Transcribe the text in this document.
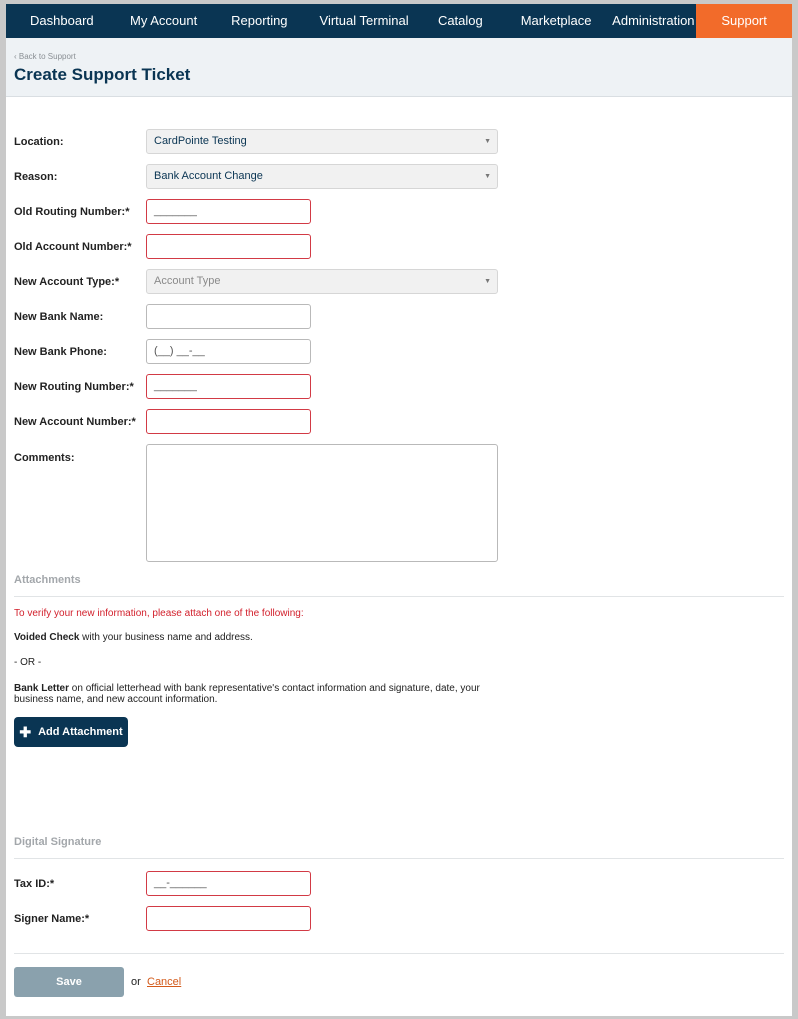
Dashboard	My Account	Reporting	Virtual Terminal	Catalog	Marketplace	Administration	Support
‹ Back to Support
Create Support Ticket
Location:	CardPointe Testing	▼
Reason:	Bank Account Change	▼
Old Routing Number:*	_______
Old Account Number:*
New Account Type:*	Account Type	▼
New Bank Name:
New Bank Phone:	(__) __-__
New Routing Number:*	_______
New Account Number:*
Comments:
Attachments
To verify your new information, please attach one of the following:
Voided Check with your business name and address.
- OR -
Bank Letter on official letterhead with bank representative's contact information and signature, date, your business name, and new account information.
✚ Add Attachment
Digital Signature
Tax ID:*	__-______
Signer Name:*
Save	or Cancel
